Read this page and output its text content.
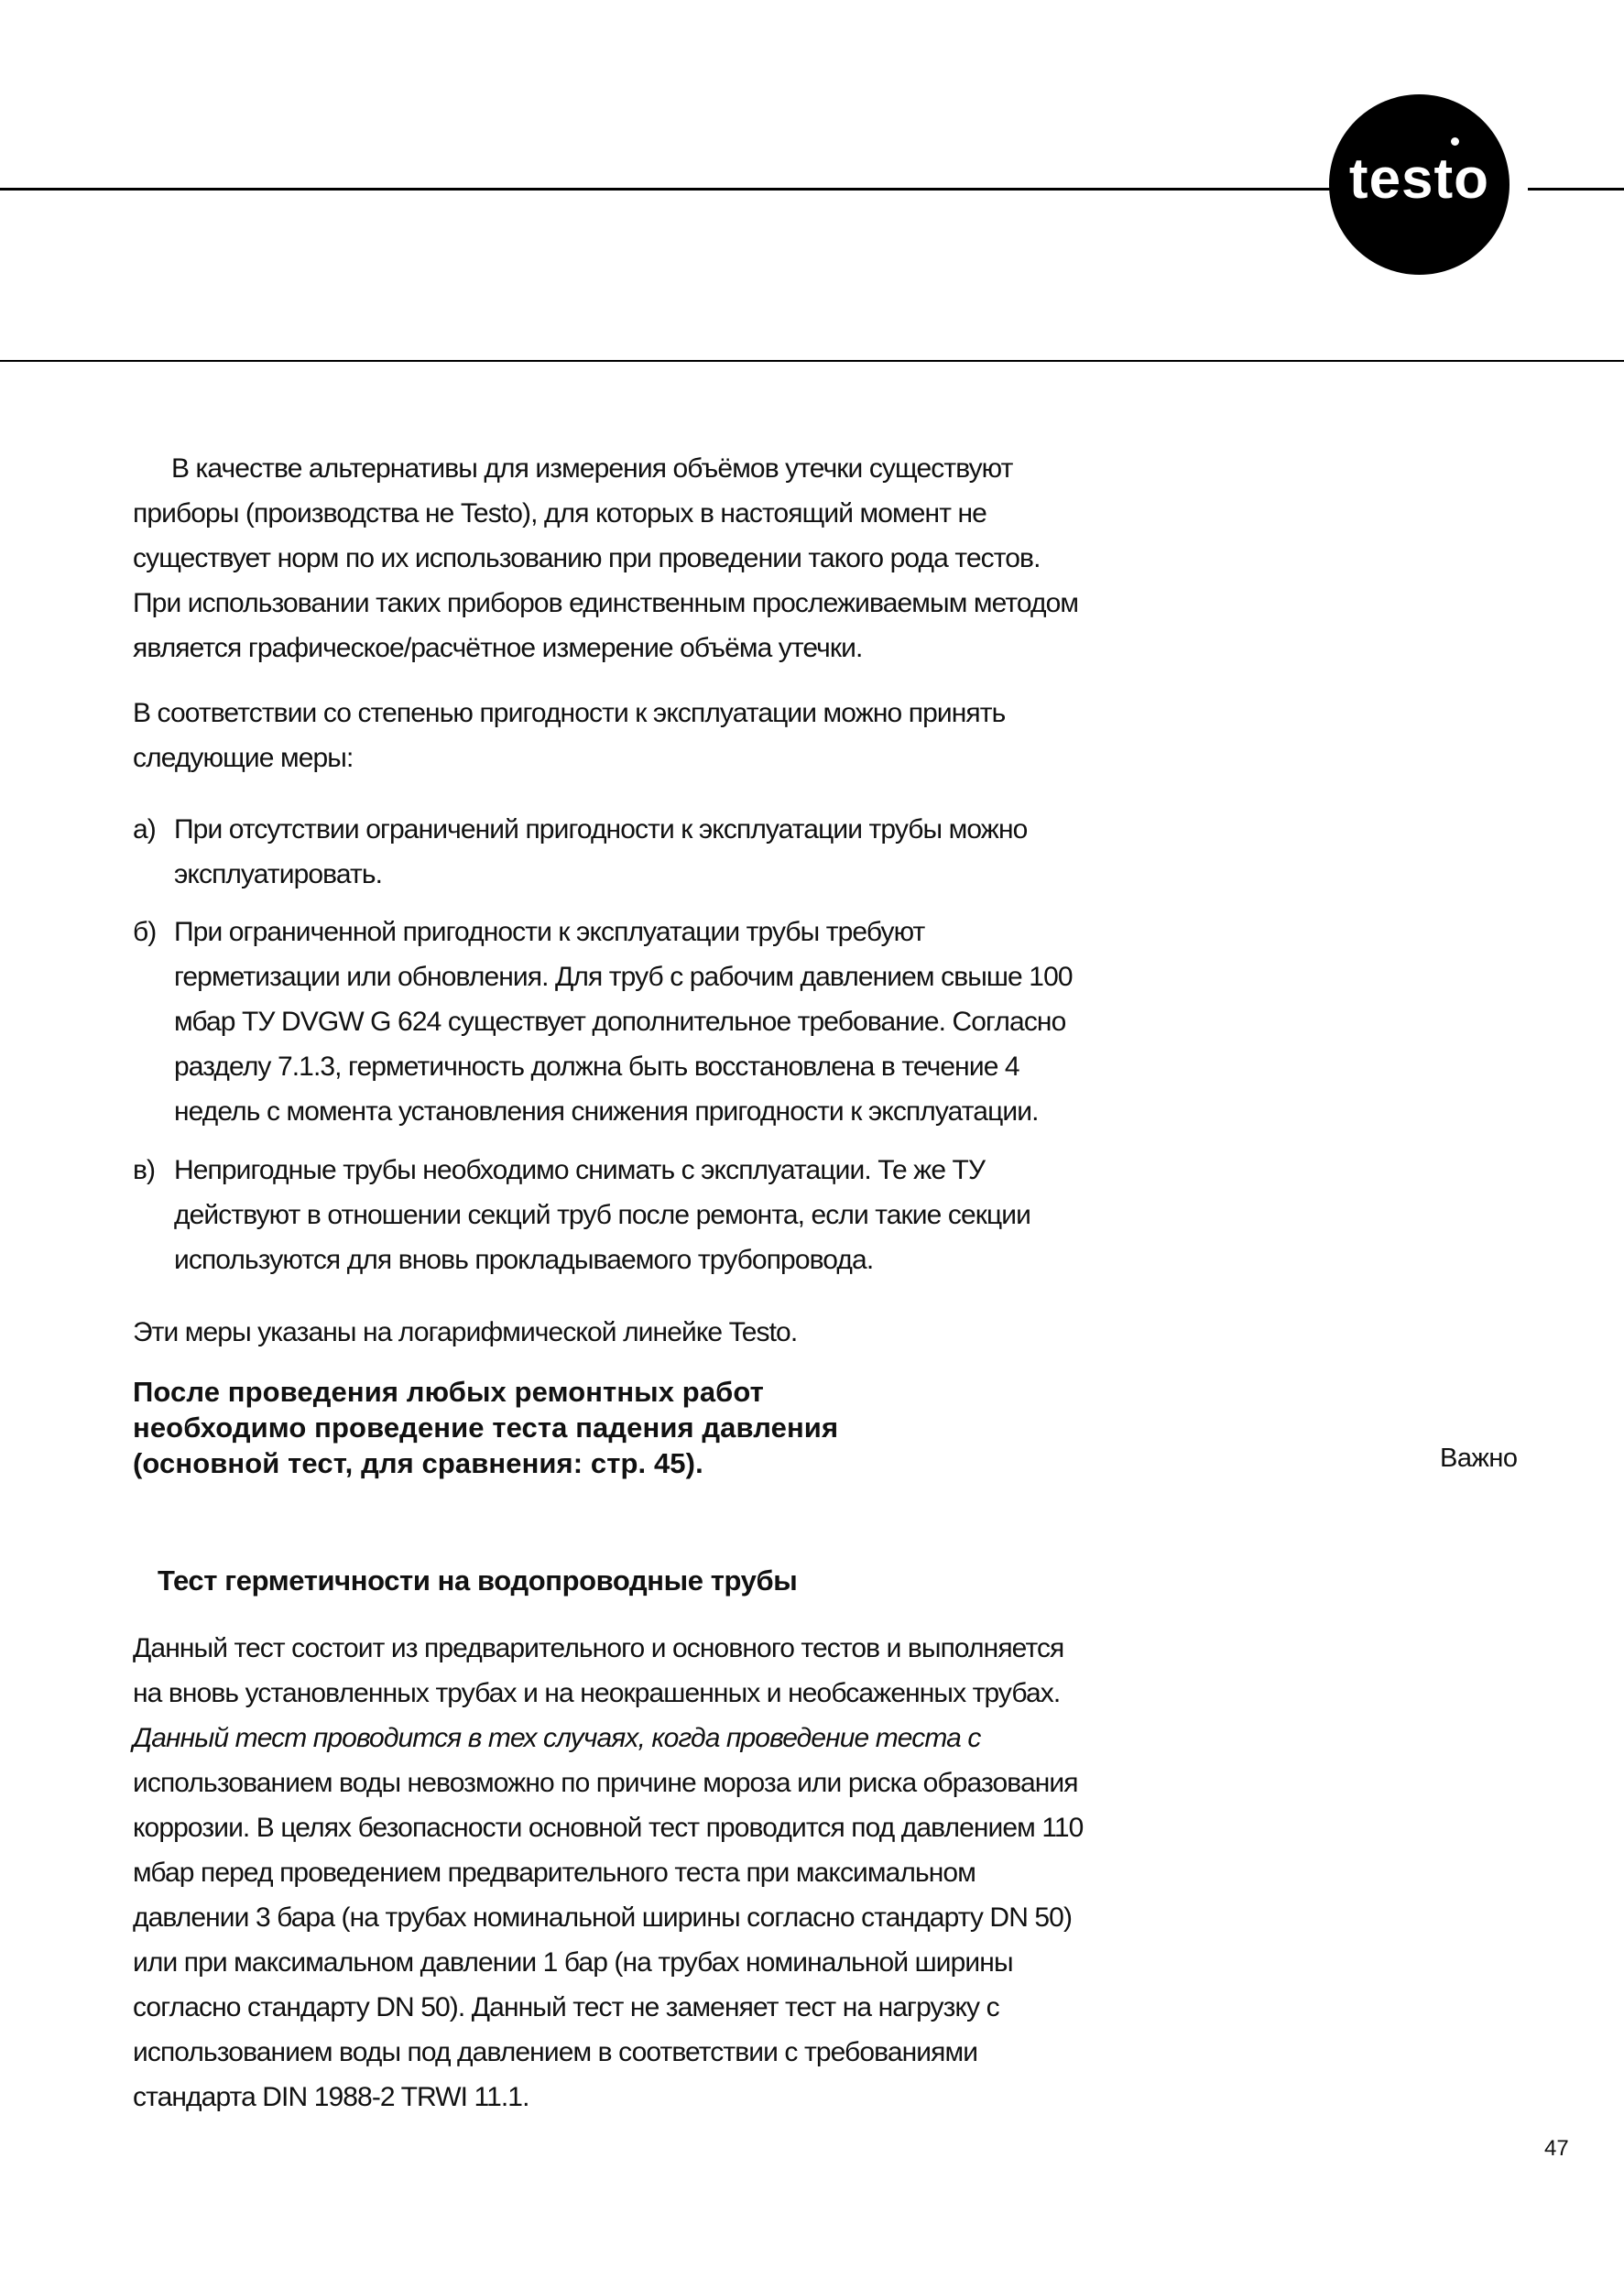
testo

В качестве альтернативы для измерения объёмов утечки существуют приборы (производства не Testo), для которых в настоящий момент не существует норм по их использованию при проведении такого рода тестов. При использовании таких приборов единственным прослеживаемым методом является графическое/расчётное измерение объёма утечки.

В соответствии со степенью пригодности к эксплуатации можно принять следующие меры:

а) При отсутствии ограничений пригодности к эксплуатации трубы можно эксплуатировать.

б) При ограниченной пригодности к эксплуатации трубы требуют герметизации или обновления. Для труб с рабочим давлением свыше 100 мбар ТУ DVGW G 624 существует дополнительное требование. Согласно разделу 7.1.3, герметичность должна быть восстановлена в течение 4 недель с момента установления снижения пригодности к эксплуатации.

в) Непригодные трубы необходимо снимать с эксплуатации. Те же ТУ действуют в отношении секций труб после ремонта, если такие секции используются для вновь прокладываемого трубопровода.

Эти меры указаны на логарифмической линейке Testo.

После проведения любых ремонтных работ необходимо проведение теста падения давления (основной тест, для сравнения: стр. 45).	Важно
Тест герметичности на водопроводные трубы

Данный тест состоит из предварительного и основного тестов и выполняется на вновь установленных трубах и на неокрашенных и необсаженных трубах. Данный тест проводится в тех случаях, когда проведение теста с использованием воды невозможно по причине мороза или риска образования коррозии. В целях безопасности основной тест проводится под давлением 110 мбар перед проведением предварительного теста при максимальном давлении 3 бара (на трубах номинальной ширины согласно стандарту DN 50) или при максимальном давлении 1 бар (на трубах номинальной ширины согласно стандарту DN 50). Данный тест не заменяет тест на нагрузку с использованием воды под давлением в соответствии с требованиями стандарта DIN 1988-2 TRWI 11.1.

47
